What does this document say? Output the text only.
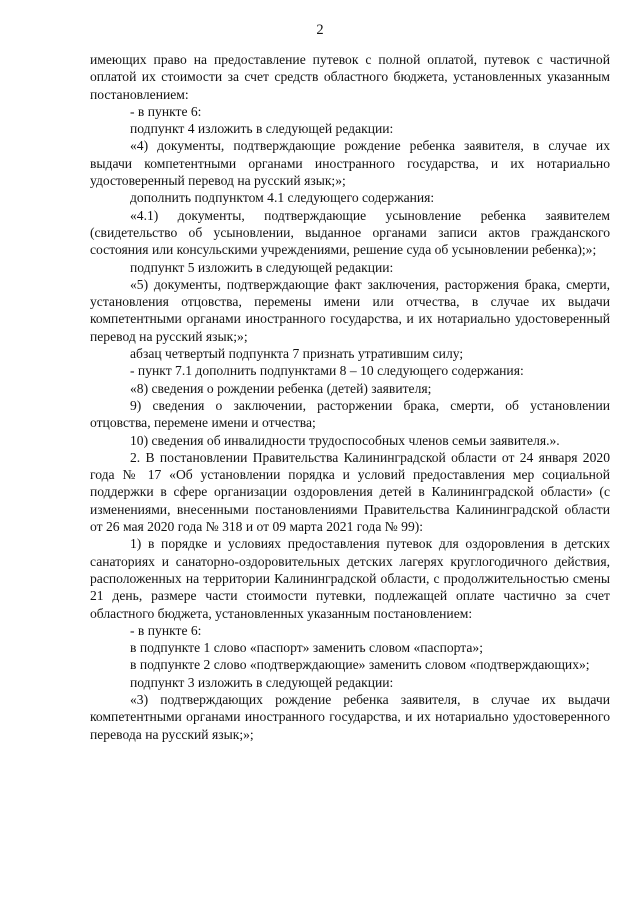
2

имеющих право на предоставление путевок с полной оплатой, путевок с частичной оплатой их стоимости за счет средств областного бюджета, установленных указанным постановлением:

- в пункте 6:

подпункт 4 изложить в следующей редакции:

«4) документы, подтверждающие рождение ребенка заявителя, в случае их выдачи компетентными органами иностранного государства, и их нотариально удостоверенный перевод на русский язык;»;

дополнить подпунктом 4.1 следующего содержания:

«4.1) документы, подтверждающие усыновление ребенка заявителем (свидетельство об усыновлении, выданное органами записи актов гражданского состояния или консульскими учреждениями, решение суда об усыновлении ребенка);»;

подпункт 5 изложить в следующей редакции:

«5) документы, подтверждающие факт заключения, расторжения брака, смерти, установления отцовства, перемены имени или отчества, в случае их выдачи компетентными органами иностранного государства, и их нотариально удостоверенный перевод на русский язык;»;

абзац четвертый подпункта 7 признать утратившим силу;

- пункт 7.1 дополнить подпунктами 8 – 10 следующего содержания:

«8) сведения о рождении ребенка (детей) заявителя;

9) сведения о заключении, расторжении брака, смерти, об установлении отцовства, перемене имени и отчества;

10) сведения об инвалидности трудоспособных членов семьи заявителя.».

2. В постановлении Правительства Калининградской области от 24 января 2020 года № 17 «Об установлении порядка и условий предоставления мер социальной поддержки в сфере организации оздоровления детей в Калининградской области» (с изменениями, внесенными постановлениями Правительства Калининградской области от 26 мая 2020 года № 318 и от 09 марта 2021 года № 99):

1) в порядке и условиях предоставления путевок для оздоровления в детских санаториях и санаторно-оздоровительных детских лагерях круглогодичного действия, расположенных на территории Калининградской области, с продолжительностью смены 21 день, размере части стоимости путевки, подлежащей оплате частично за счет областного бюджета, установленных указанным постановлением:

- в пункте 6:

в подпункте 1 слово «паспорт» заменить словом «паспорта»;

в подпункте 2 слово «подтверждающие» заменить словом «подтверждающих»;

подпункт 3 изложить в следующей редакции:

«3) подтверждающих рождение ребенка заявителя, в случае их выдачи компетентными органами иностранного государства, и их нотариально удостоверенного перевода на русский язык;»;
